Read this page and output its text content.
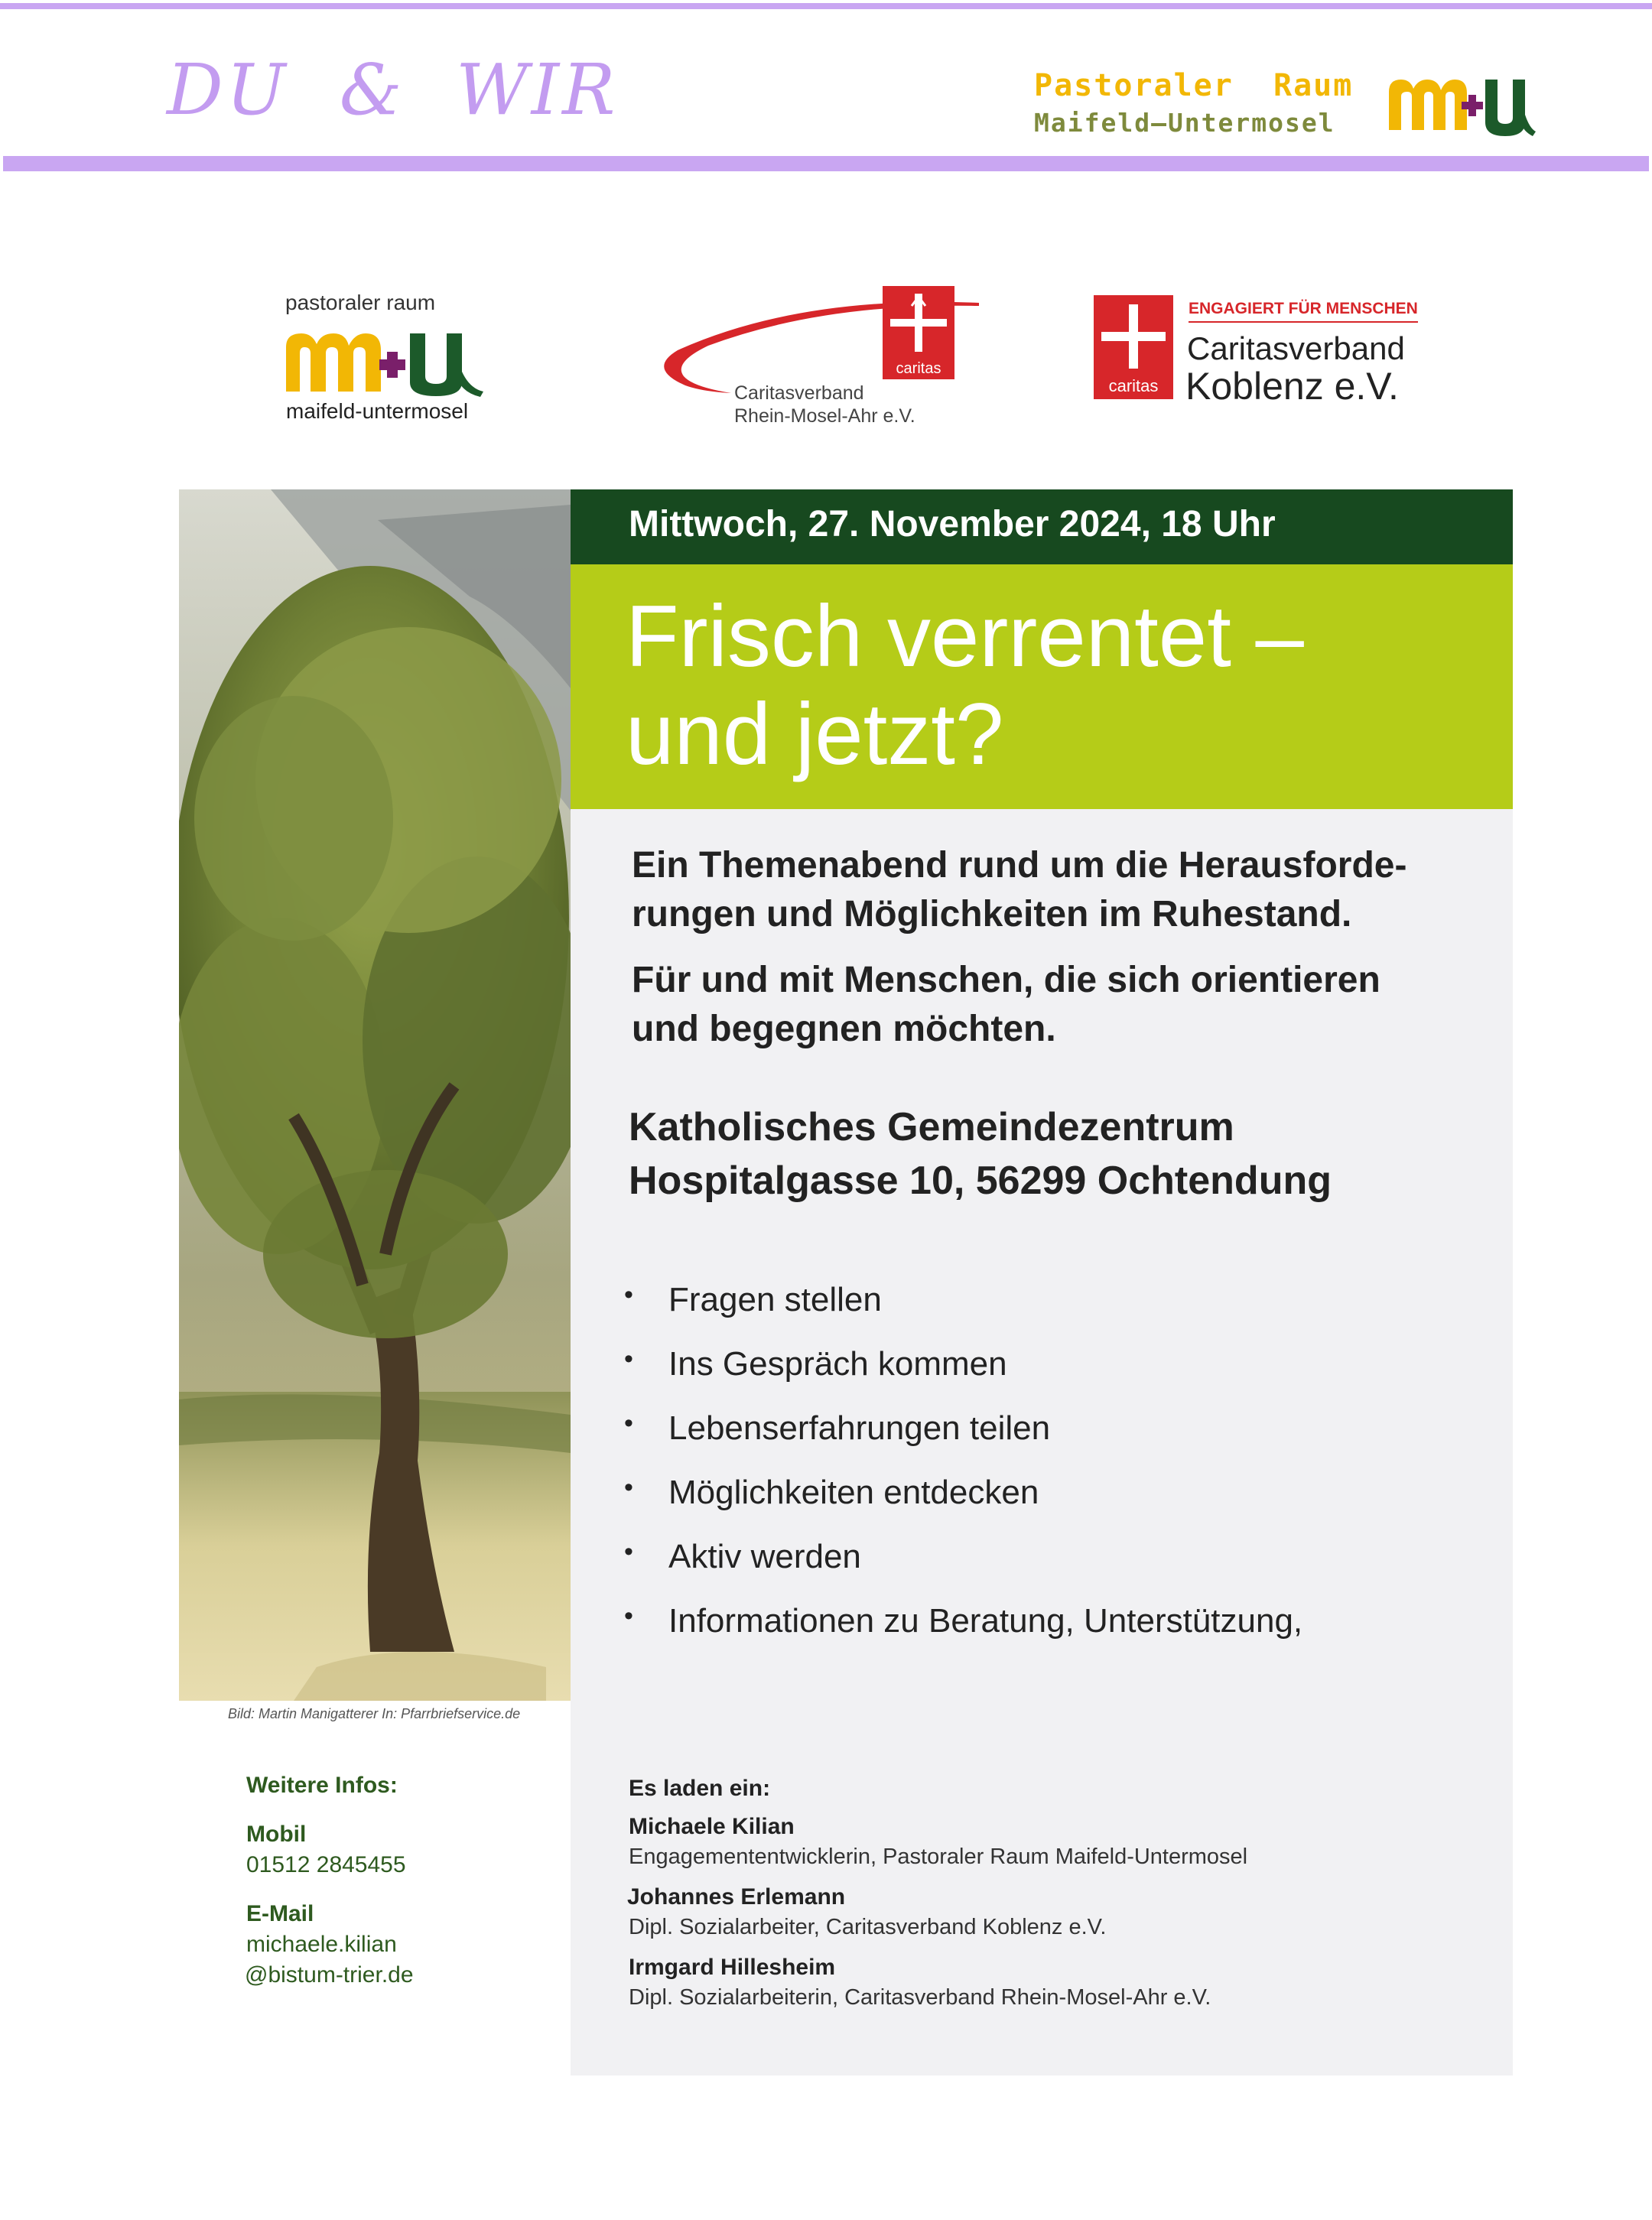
DU  &  WIR	Pastoraler  Raum
Maifeld–Untermosel
pastoraler raum
maifeld-untermosel
caritas
Caritasverband
Rhein-Mosel-Ahr e.V.
caritas
ENGAGIERT FÜR MENSCHEN
Caritasverband
Koblenz e.V.
Mittwoch, 27. November 2024, 18 Uhr
Frisch verrentet –
und jetzt?
Bild: Martin Manigatterer In: Pfarrbriefservice.de
Ein Themenabend rund um die Herausforde-
rungen und Möglichkeiten im Ruhestand.
Für und mit Menschen, die sich orientieren
und begegnen möchten.
Katholisches Gemeindezentrum
Hospitalgasse 10, 56299 Ochtendung
• Fragen stellen
• Ins Gespräch kommen
• Lebenserfahrungen teilen
• Möglichkeiten entdecken
• Aktiv werden
• Informationen zu Beratung, Unterstützung,
Weitere Infos:
Mobil
01512 2845455
E-Mail
michaele.kilian
@bistum-trier.de
Es laden ein:
Michaele Kilian
Engagemententwicklerin, Pastoraler Raum Maifeld-Untermosel
Johannes Erlemann
Dipl. Sozialarbeiter, Caritasverband Koblenz e.V.
Irmgard Hillesheim
Dipl. Sozialarbeiterin, Caritasverband Rhein-Mosel-Ahr e.V.
